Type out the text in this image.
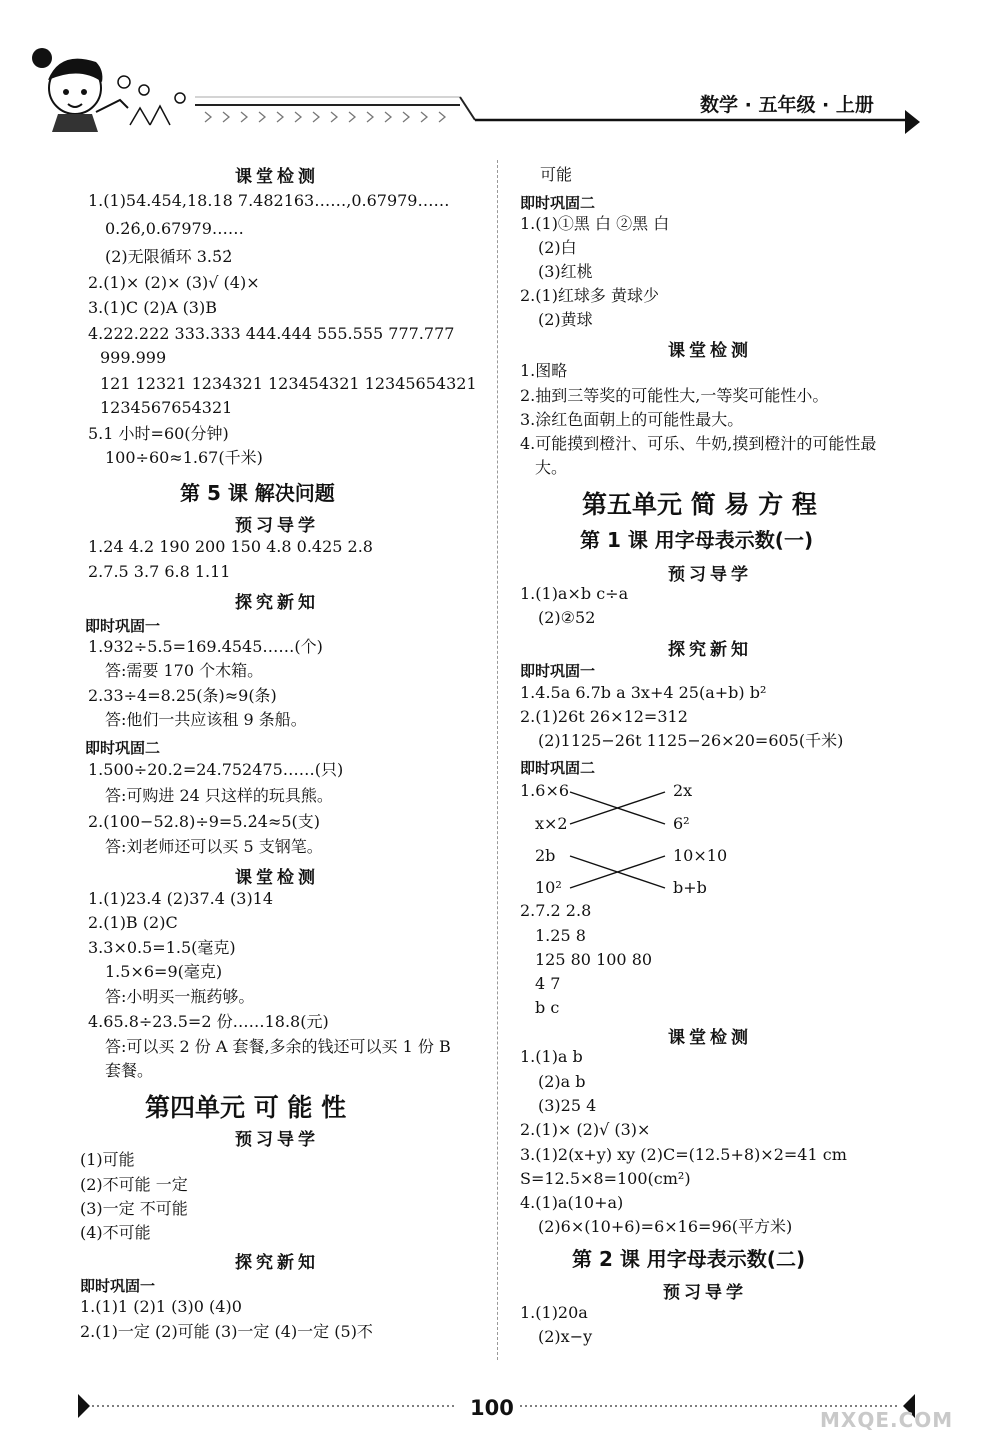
数学 · 五年级 · 上册
课堂检测
1.(1)54.454,18.18 7.482163……,0.67979……
0.2̇6̇,0.67979……
(2)无限循环 3.5̇2̇
2.(1)× (2)× (3)√ (4)×
3.(1)C (2)A (3)B
4.222.222 333.333 444.444 555.555 777.777
999.999
121 12321 1234321 123454321 12345654321
1234567654321
5.1 小时=60(分钟)
100÷60≈1.67(千米)
第 5 课 解决问题
预习导学
1.24 4.2 190 200 150 4.8 0.425 2.8
2.7.5 3.7 6.8 1.11
探究新知
即时巩固一
1.932÷5.5=169.4545……(个)
答:需要 170 个木箱。
2.33÷4=8.25(条)≈9(条)
答:他们一共应该租 9 条船。
即时巩固二
1.500÷20.2=24.752475……(只)
答:可购进 24 只这样的玩具熊。
2.(100−52.8)÷9=5.2̇4̇≈5(支)
答:刘老师还可以买 5 支钢笔。
课堂检测
1.(1)23.4 (2)37.4 (3)14
2.(1)B (2)C
3.3×0.5=1.5(毫克)
1.5×6=9(毫克)
答:小明买一瓶药够。
4.65.8÷23.5=2 份……18.8(元)
答:可以买 2 份 A 套餐,多余的钱还可以买 1 份 B
套餐。
第四单元 可 能 性
预习导学
(1)可能
(2)不可能 一定
(3)一定 不可能
(4)不可能
探究新知
即时巩固一
1.(1)1 (2)1 (3)0 (4)0
2.(1)一定 (2)可能 (3)一定 (4)一定 (5)不
可能
即时巩固二
1.(1)①黑 白 ②黑 白
(2)白
(3)红桃
2.(1)红球多 黄球少
(2)黄球
课堂检测
1.图略
2.抽到三等奖的可能性大,一等奖可能性小。
3.涂红色面朝上的可能性最大。
4.可能摸到橙汁、可乐、牛奶,摸到橙汁的可能性最
大。
第五单元 简 易 方 程
第 1 课 用字母表示数(一)
预习导学
1.(1)a×b c÷a
(2)②52
探究新知
即时巩固一
1.4.5a 6.7b a 3x+4 25(a+b) b²
2.(1)26t 26×12=312
(2)1125−26t 1125−26×20=605(千米)
即时巩固二
1.6×6	2x
x×2	6²
2b	10×10
10²	b+b
2.7.2 2.8
1.25 8
125 80 100 80
4 7
b c
课堂检测
1.(1)a b
(2)a b
(3)25 4
2.(1)× (2)√ (3)×
3.(1)2(x+y) xy (2)C=(12.5+8)×2=41 cm
S=12.5×8=100(cm²)
4.(1)a(10+a)
(2)6×(10+6)=6×16=96(平方米)
第 2 课 用字母表示数(二)
预习导学
1.(1)20a
(2)x−y
100	MXQE.COM
